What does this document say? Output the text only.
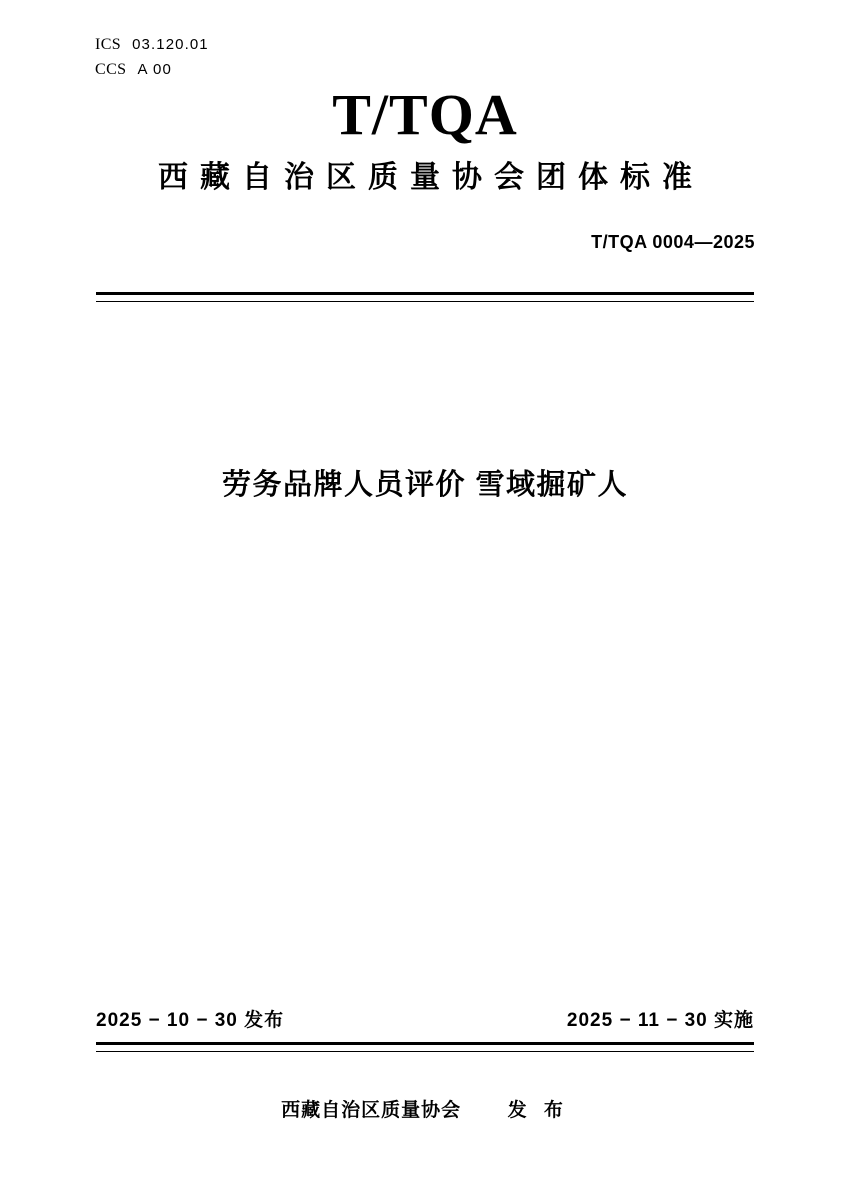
ICS 03.120.01
CCS A 00
T/TQA
西藏自治区质量协会团体标准
T/TQA 0004—2025
劳务品牌人员评价 雪域掘矿人
2025 − 10 − 30 发布	2025 − 11 − 30 实施
西藏自治区质量协会 发 布
